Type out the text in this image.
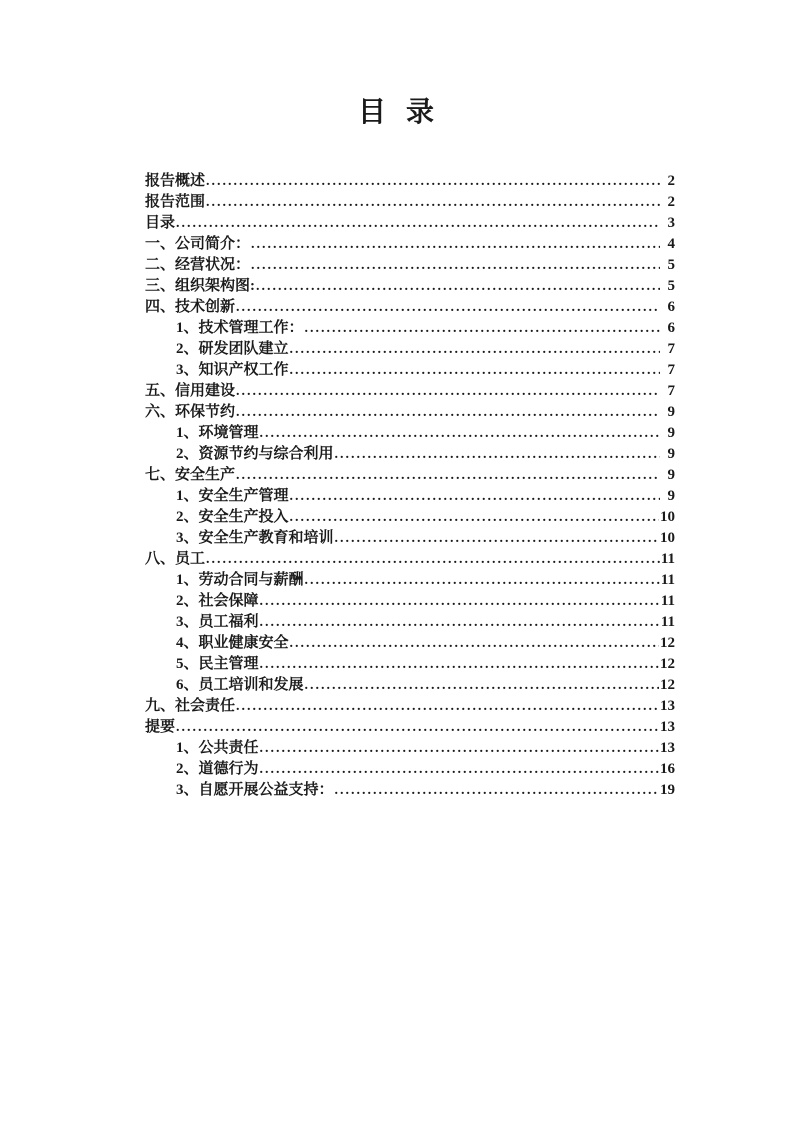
目  录
报告概述 .....	2
报告范围 .....	2
目录 .....	3
一、公司简介： .....	4
二、经营状况： .....	5
三、组织架构图: .....	5
四、技术创新 .....	6
1、技术管理工作： .....	6
2、研发团队建立 .....	7
3、知识产权工作 .....	7
五、信用建设 .....	7
六、环保节约 .....	9
1、环境管理 .....	9
2、资源节约与综合利用 .....	9
七、安全生产 .....	9
1、安全生产管理 .....	9
2、安全生产投入 .....	10
3、安全生产教育和培训 .....	10
八、员工 .....	11
1、劳动合同与薪酬 .....	11
2、社会保障 .....	11
3、员工福利 .....	11
4、职业健康安全 .....	12
5、民主管理 .....	12
6、员工培训和发展 .....	12
九、社会责任 .....	13
提要 .....	13
1、公共责任 .....	13
2、道德行为 .....	16
3、自愿开展公益支持： .....	19
